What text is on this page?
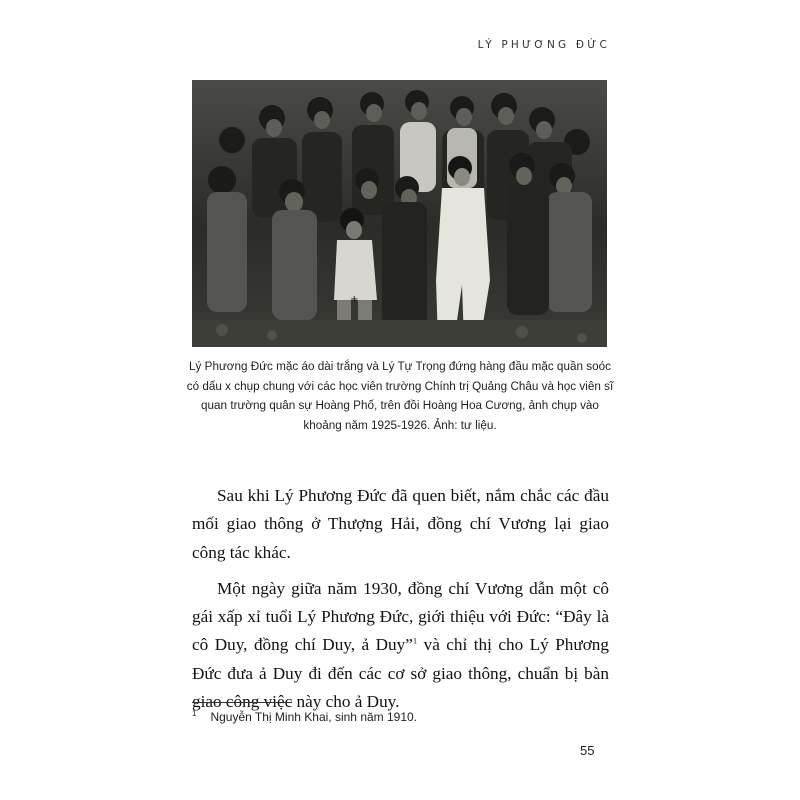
LÝ PHƯƠNG ĐỨC
+
Lý Phương Đức mặc áo dài trắng và Lý Tự Trọng đứng hàng đầu mặc quần soóc
có dấu x chụp chung với các học viên trường Chính trị Quảng Châu và học viên sĩ
quan trường quân sự Hoàng Phố, trên đồi Hoàng Hoa Cương, ảnh chụp vào
khoảng năm 1925-1926. Ảnh: tư liệu.

Sau khi Lý Phương Đức đã quen biết, nắm chắc các đầu mối giao thông ở Thượng Hải, đồng chí Vương lại giao công tác khác.

Một ngày giữa năm 1930, đồng chí Vương dẫn một cô gái xấp xỉ tuổi Lý Phương Đức, giới thiệu với Đức: “Đây là cô Duy, đồng chí Duy, ả Duy”$^1$ và chỉ thị cho Lý Phương Đức đưa ả Duy đi đến các cơ sở giao thông, chuẩn bị bàn giao công việc này cho ả Duy.

$^1$ Nguyễn Thị Minh Khai, sinh năm 1910.
55
